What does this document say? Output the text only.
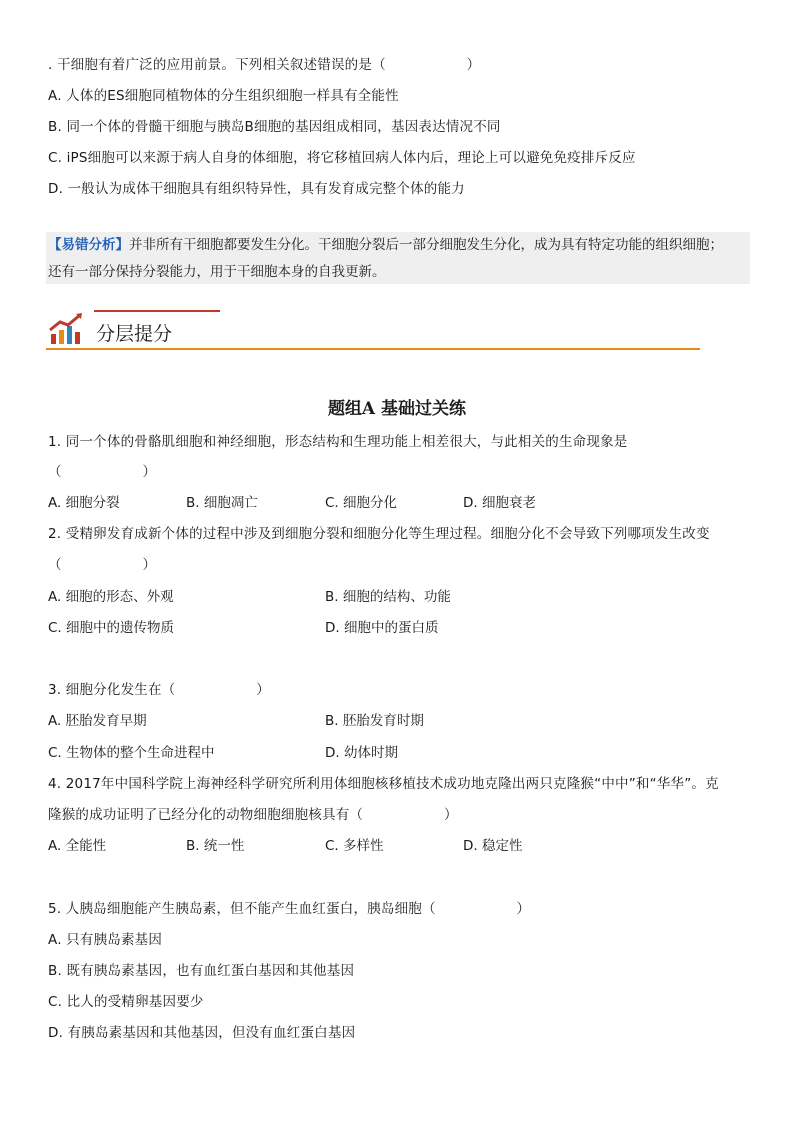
. 干细胞有着广泛的应用前景。下列相关叙述错误的是（                  ）
A. 人体的ES细胞同植物体的分生组织细胞一样具有全能性
B. 同一个体的骨髓干细胞与胰岛B细胞的基因组成相同，基因表达情况不同
C. iPS细胞可以来源于病人自身的体细胞，将它移植回病人体内后，理论上可以避免免疫排斥反应
D. 一般认为成体干细胞具有组织特异性，具有发育成完整个体的能力
【易错分析】并非所有干细胞都要发生分化。干细胞分裂后一部分细胞发生分化，成为具有特定功能的组织细胞；
还有一部分保持分裂能力，用于干细胞本身的自我更新。
分层提分
题组A 基础过关练
1. 同一个体的骨骼肌细胞和神经细胞，形态结构和生理功能上相差很大，与此相关的生命现象是
（                  ）
A. 细胞分裂	B. 细胞凋亡	C. 细胞分化	D. 细胞衰老
2. 受精卵发育成新个体的过程中涉及到细胞分裂和细胞分化等生理过程。细胞分化不会导致下列哪项发生改变
（                  ）
A. 细胞的形态、外观	B. 细胞的结构、功能
C. 细胞中的遗传物质	D. 细胞中的蛋白质
3. 细胞分化发生在（                  ）
A. 胚胎发育早期	B. 胚胎发育时期
C. 生物体的整个生命进程中	D. 幼体时期
4. 2017年中国科学院上海神经科学研究所利用体细胞核移植技术成功地克隆出两只克隆猴“中中”和“华华”。克
隆猴的成功证明了已经分化的动物细胞细胞核具有（                  ）
A. 全能性	B. 统一性	C. 多样性	D. 稳定性
5. 人胰岛细胞能产生胰岛素，但不能产生血红蛋白，胰岛细胞（                  ）
A. 只有胰岛素基因
B. 既有胰岛素基因，也有血红蛋白基因和其他基因
C. 比人的受精卵基因要少
D. 有胰岛素基因和其他基因，但没有血红蛋白基因
